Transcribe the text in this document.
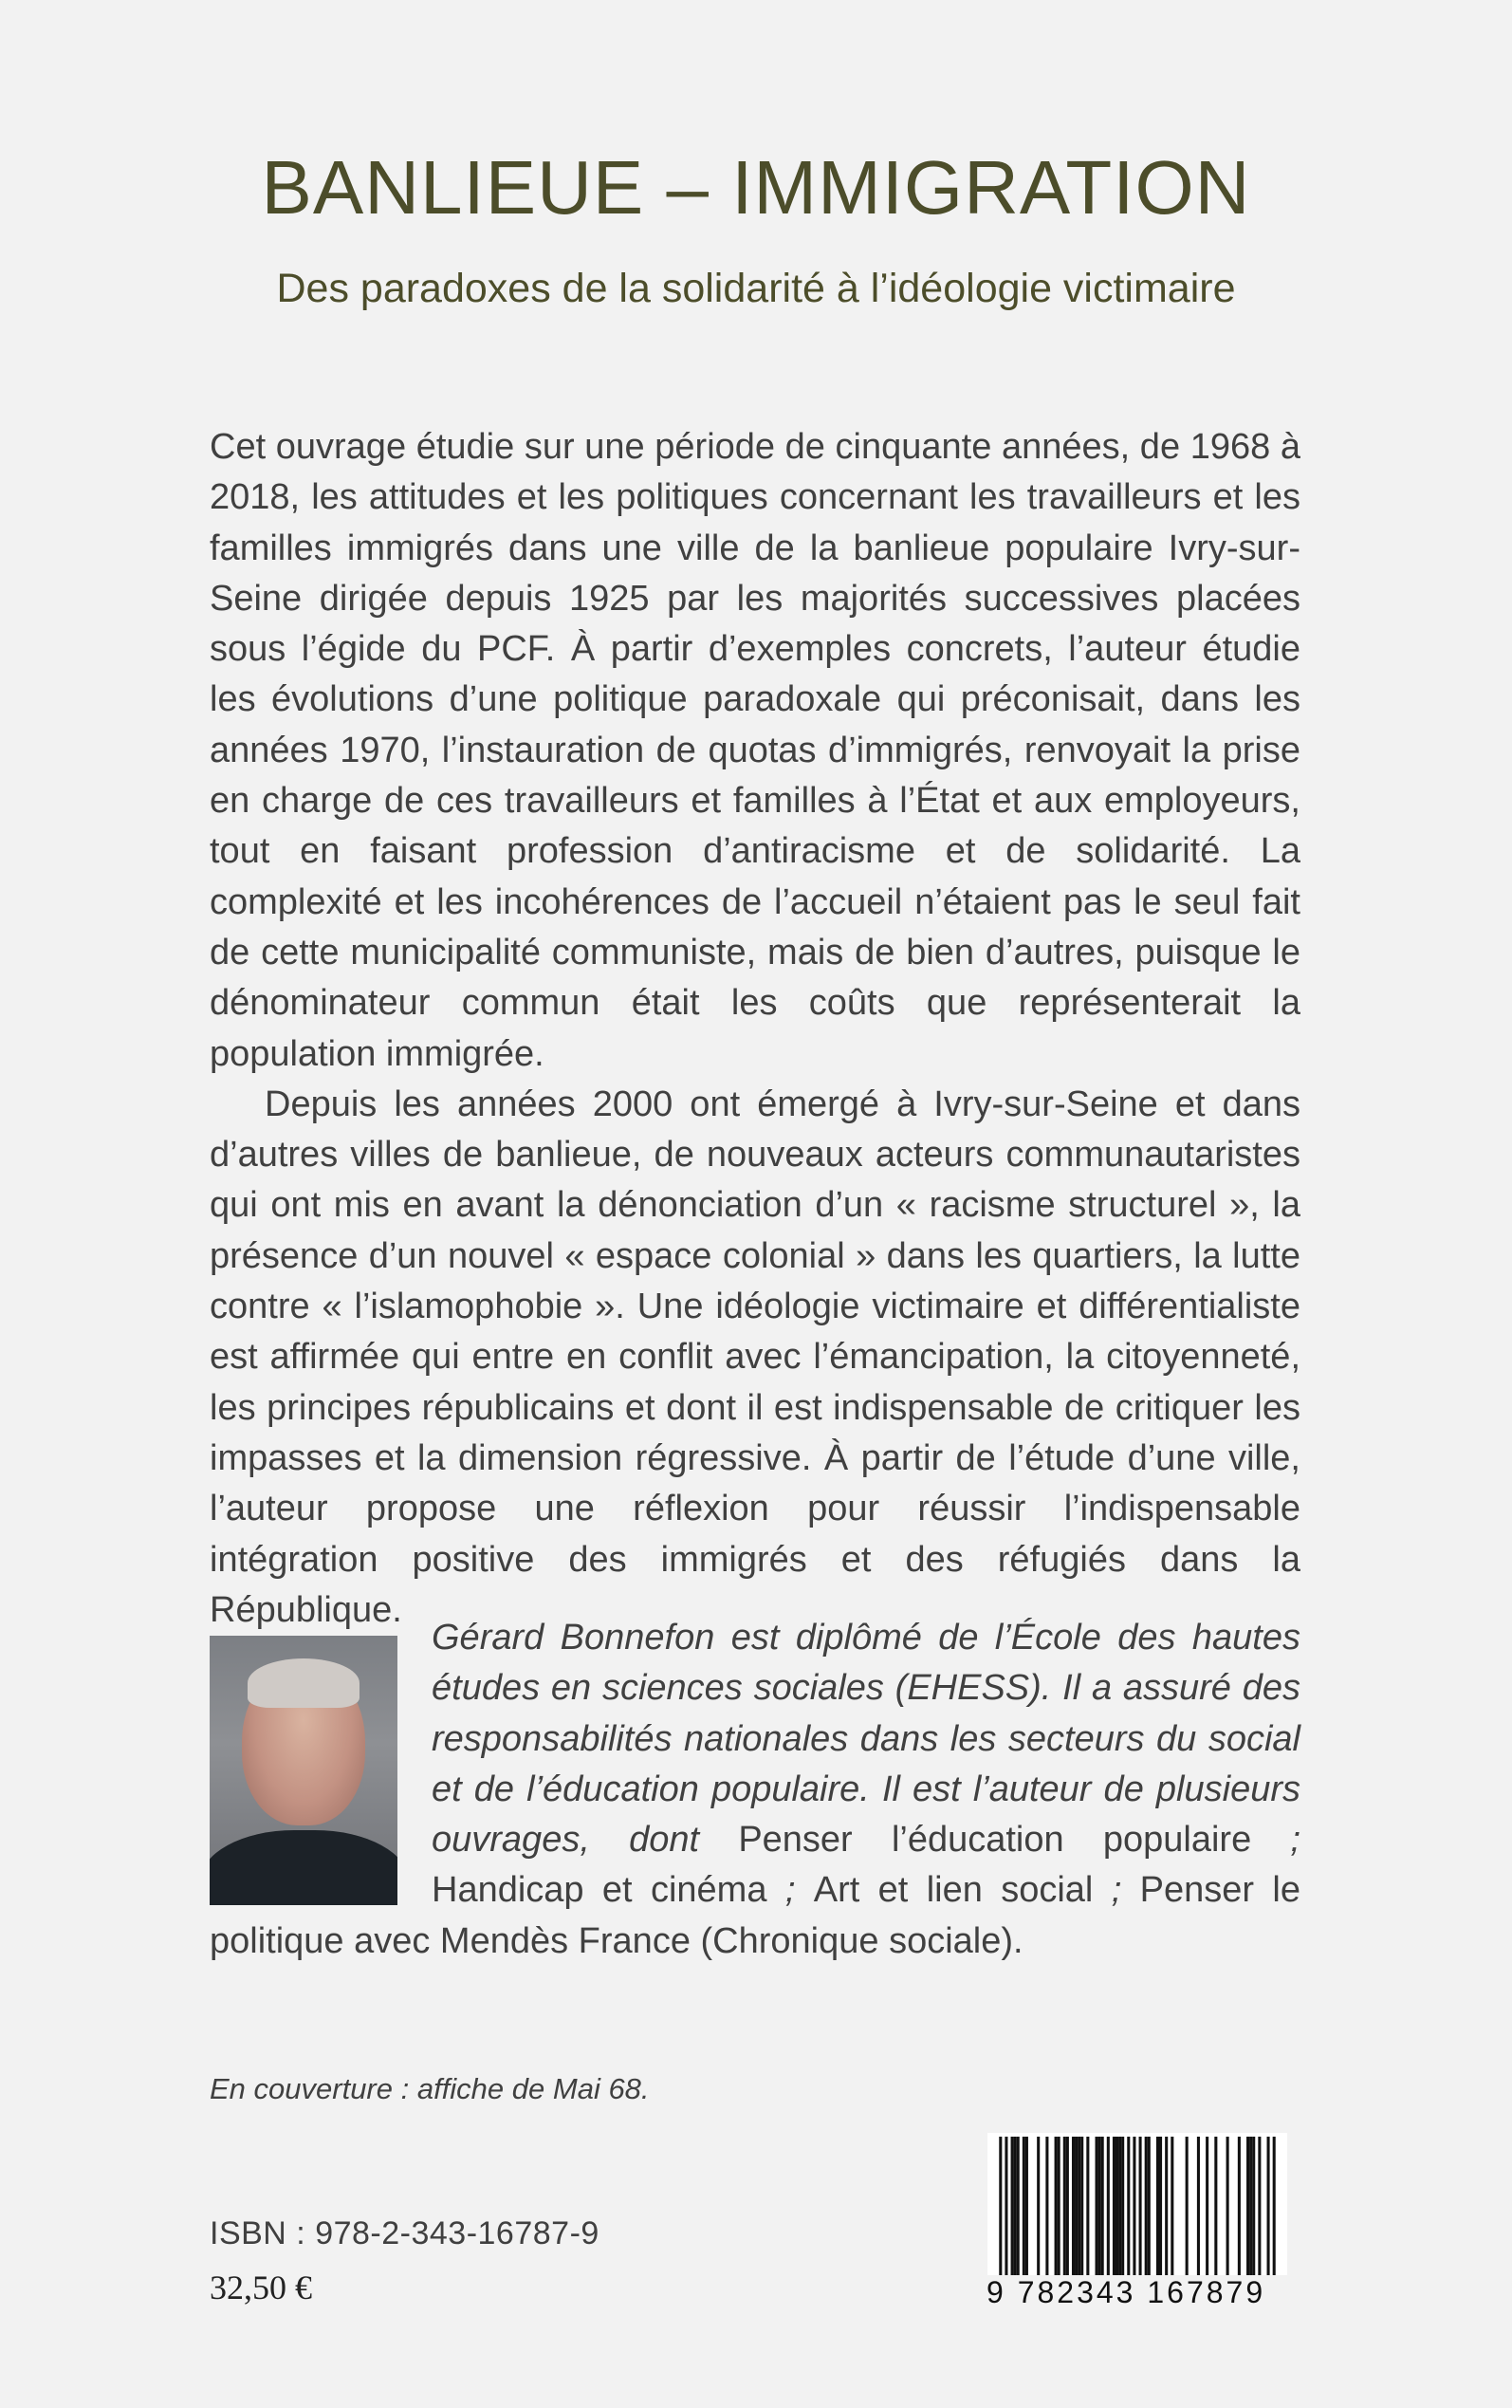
BANLIEUE – IMMIGRATION
Des paradoxes de la solidarité à l’idéologie victimaire

Cet ouvrage étudie sur une période de cinquante années, de 1968 à 2018, les attitudes et les politiques concernant les travailleurs et les familles immigrés dans une ville de la banlieue populaire Ivry-sur-Seine dirigée depuis 1925 par les majorités successives placées sous l’égide du PCF. À partir d’exemples concrets, l’auteur étudie les évolutions d’une politique paradoxale qui préconisait, dans les années 1970, l’instauration de quotas d’immigrés, renvoyait la prise en charge de ces travailleurs et familles à l’État et aux employeurs, tout en faisant profession d’antiracisme et de solidarité. La complexité et les incohérences de l’accueil n’étaient pas le seul fait de cette municipalité communiste, mais de bien d’autres, puisque le dénominateur commun était les coûts que représenterait la population immigrée.

Depuis les années 2000 ont émergé à Ivry-sur-Seine et dans d’autres villes de banlieue, de nouveaux acteurs communautaristes qui ont mis en avant la dénonciation d’un « racisme structurel », la présence d’un nouvel « espace colonial » dans les quartiers, la lutte contre « l’islamophobie ». Une idéologie victimaire et différentialiste est affirmée qui entre en conflit avec l’émancipation, la citoyenneté, les principes républicains et dont il est indispensable de critiquer les impasses et la dimension régressive. À partir de l’étude d’une ville, l’auteur propose une réflexion pour réussir l’indispensable intégration positive des immigrés et des réfugiés dans la République.

Gérard Bonnefon est diplômé de l’École des hautes études en sciences sociales (EHESS). Il a assuré des responsabilités nationales dans les secteurs du social et de l’éducation populaire. Il est l’auteur de plusieurs ouvrages, dont Penser l’éducation populaire ; Handicap et cinéma ; Art et lien social ; Penser le politique avec Mendès France (Chronique sociale).
En couverture : affiche de Mai 68.
9 782343 167879
ISBN : 978-2-343-16787-9
32,50 €
